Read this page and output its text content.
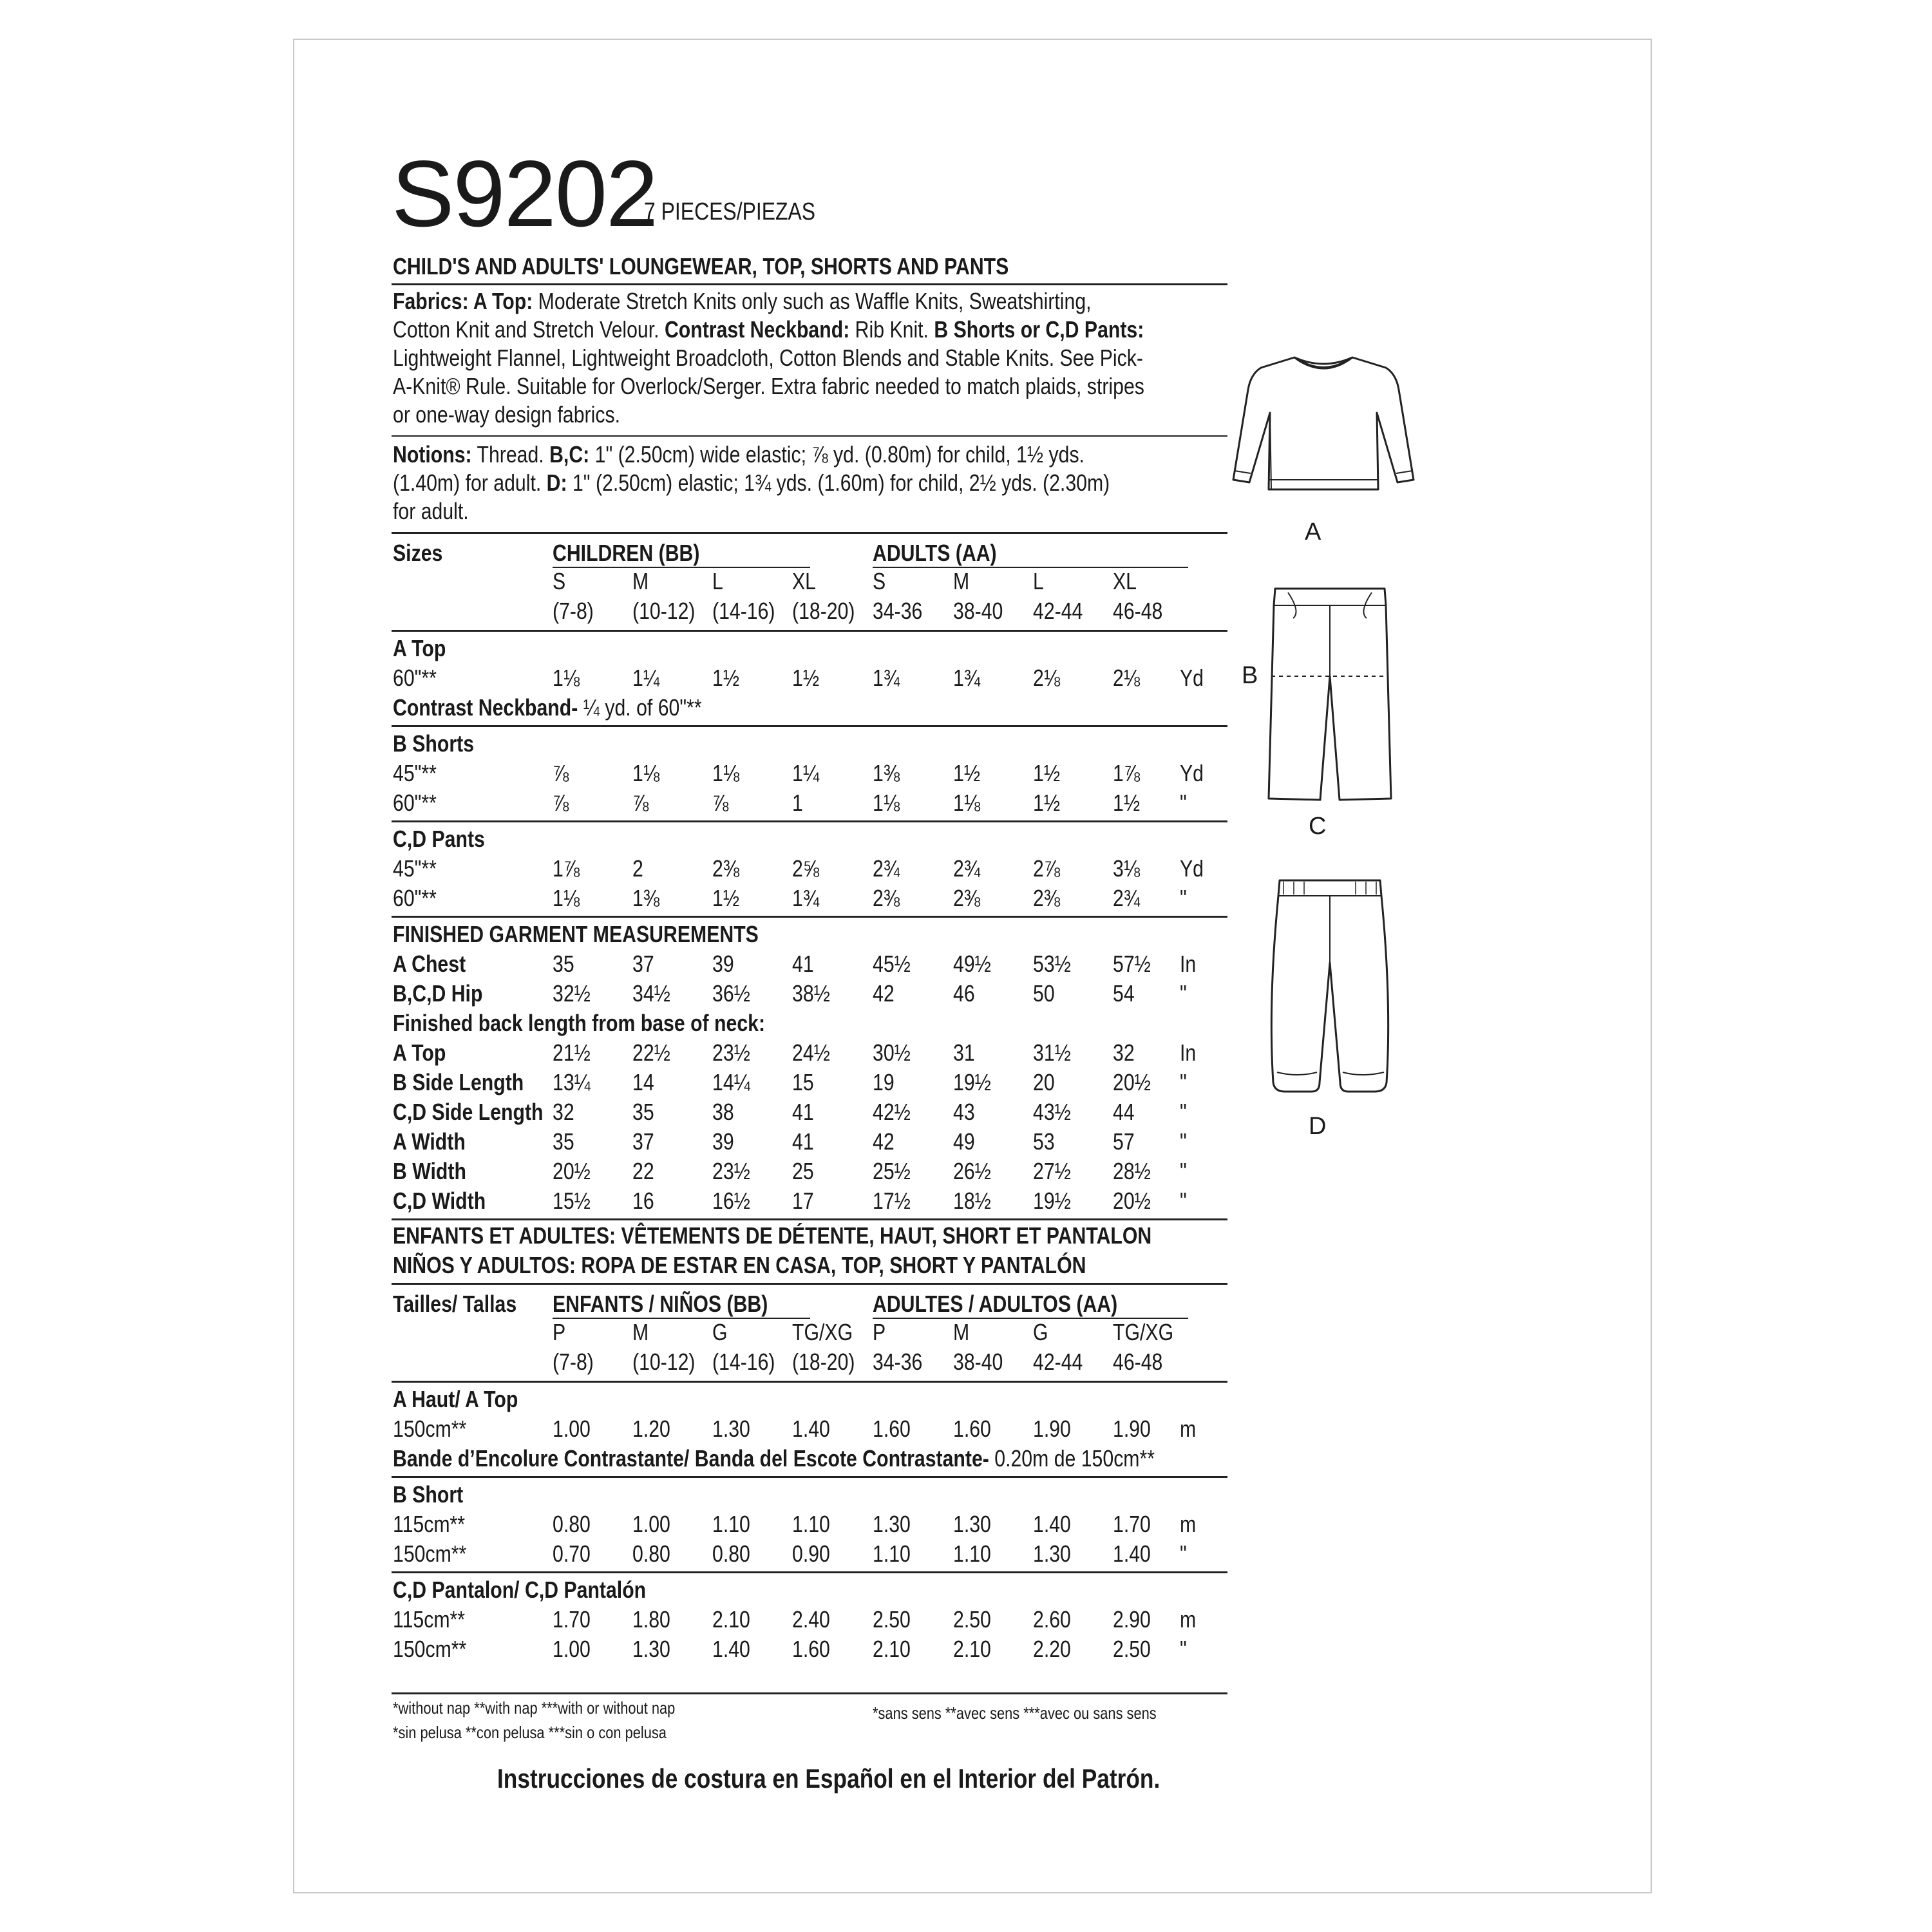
S9202
7 PIECES/PIEZAS
CHILD'S AND ADULTS' LOUNGEWEAR, TOP, SHORTS AND PANTS
Fabrics: A Top: Moderate Stretch Knits only such as Waffle Knits, Sweatshirting,
Cotton Knit and Stretch Velour. Contrast Neckband: Rib Knit. B Shorts or C,D Pants:
Lightweight Flannel, Lightweight Broadcloth, Cotton Blends and Stable Knits. See Pick-
A-Knit® Rule. Suitable for Overlock/Serger. Extra fabric needed to match plaids, stripes
or one-way design fabrics.
Notions: Thread. B,C: 1" (2.50cm) wide elastic; ⅞ yd. (0.80m) for child, 1½ yds.
(1.40m) for adult. D: 1" (2.50cm) elastic; 1¾ yds. (1.60m) for child, 2½ yds. (2.30m)
for adult.
Sizes	CHILDREN (BB)	ADULTS (AA)
S	M	L	XL S	M	L	XL
(7-8)	(10-12) (14-16) (18-20) 34-36	38-40	42-44	46-48
A Top
60"**	1⅛ 1¼ 1½ 1½ 1¾ 1¾ 2⅛ 2⅛ Yd
Contrast Neckband- ¼ yd. of 60"**
B Shorts
45"**	⅞	1⅛ 1⅛ 1¼ 1⅜ 1½ 1½ 1⅞ Yd
60"**	⅞	⅞	⅞	1	1⅛ 1⅛ 1½ 1½ "
C,D Pants
45"**	1⅞ 2	2⅜ 2⅝ 2¾ 2¾ 2⅞ 3⅛ Yd
60"**	1⅛ 1⅜ 1½ 1¾ 2⅜ 2⅜ 2⅜ 2¾ "
FINISHED GARMENT MEASUREMENTS
A Chest	35	37	39	41	45½	49½	53½	57½	In
B,C,D Hip	32½	34½	36½	38½	42	46	50	54 "
Finished back length from base of neck:
A Top	21½	22½	23½	24½	30½	31	31½	32 In
B Side Length	13¼	14	14¼	15	19	19½	20	20½	"
C,D Side Length 32	35	38	41	42½	43	43½	44 "
A Width	35	37	39	41	42	49	53	57 "
B Width	20½	22	23½	25	25½	26½	27½	28½	"
C,D Width	15½	16	16½	17	17½	18½	19½	20½	"
ENFANTS ET ADULTES: VÊTEMENTS DE DÉTENTE, HAUT, SHORT ET PANTALON
NIÑOS Y ADULTOS: ROPA DE ESTAR EN CASA, TOP, SHORT Y PANTALÓN
Tailles/ Tallas	ENFANTS / NIÑOS (BB)	ADULTES / ADULTOS (AA)
P	M	G	TG/XG P	M	G	TG/XG
(7-8)	(10-12) (14-16) (18-20) 34-36	38-40	42-44	46-48
A Haut/ A Top
150cm**	1.00	1.20	1.30	1.40	1.60	1.60	1.90	1.90	m
Bande d’Encolure Contrastante/ Banda del Escote Contrastante- 0.20m de 150cm**
B Short
115cm**	0.80	1.00	1.10	1.10	1.30	1.30	1.40	1.70	m
150cm**	0.70	0.80	0.80	0.90	1.10	1.10	1.30	1.40	"
C,D Pantalon/ C,D Pantalón
115cm**	1.70	1.80	2.10	2.40	2.50	2.50	2.60	2.90	m
150cm**	1.00	1.30	1.40	1.60	2.10	2.10	2.20	2.50	"
*without nap **with nap ***with or without nap
*sin pelusa **con pelusa ***sin o con pelusa
*sans sens **avec sens ***avec ou sans sens
Instrucciones de costura en Español en el Interior del Patrón.
A
B
C
D
